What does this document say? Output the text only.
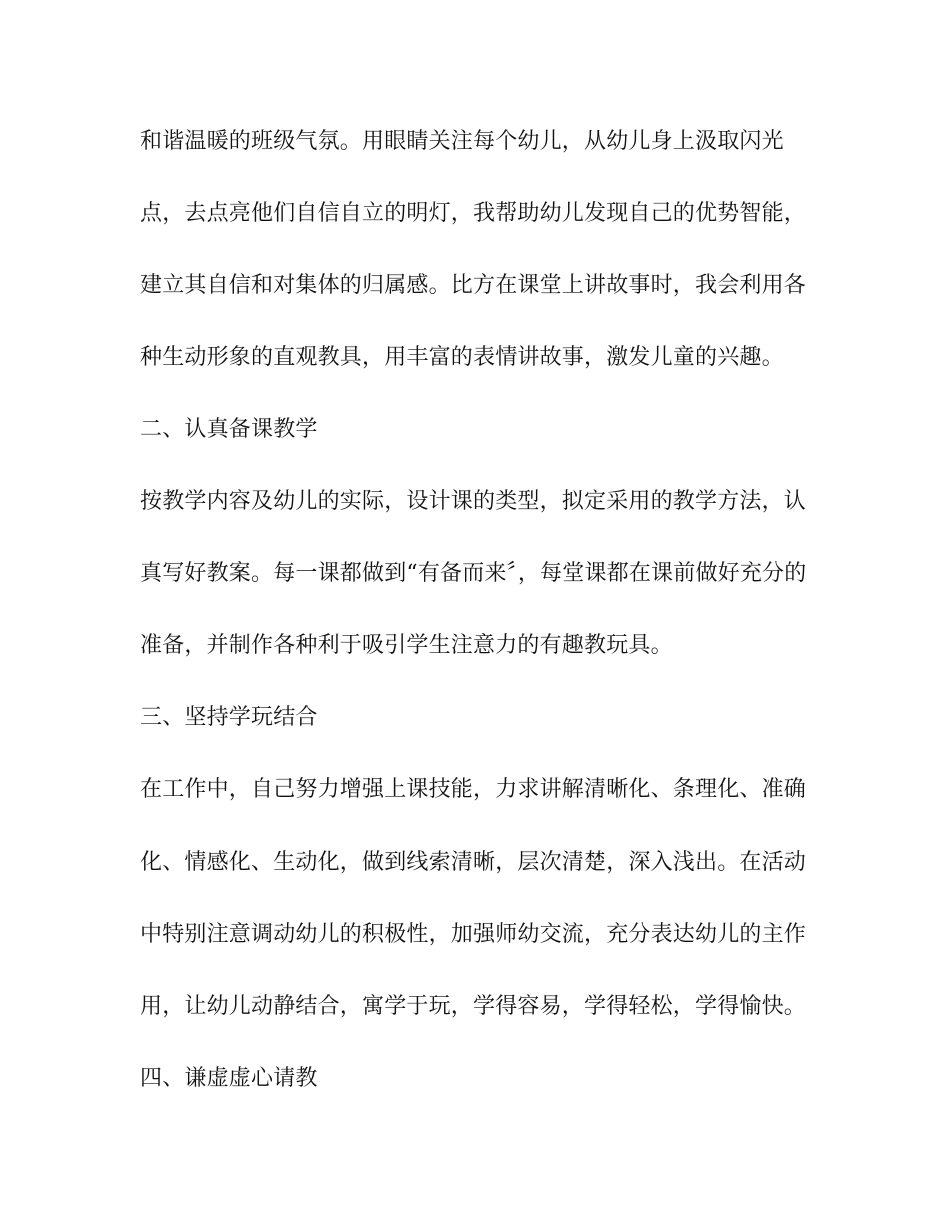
和谐温暖的班级气氛。用眼睛关注每个幼儿，从幼儿身上汲取闪光
点，去点亮他们自信自立的明灯，我帮助幼儿发现自己的优势智能，
建立其自信和对集体的归属感。比方在课堂上讲故事时，我会利用各
种生动形象的直观教具，用丰富的表情讲故事，激发儿童的兴趣。
二、认真备课教学
按教学内容及幼儿的实际，设计课的类型，拟定采用的教学方法，认
真写好教案。每一课都做到“有备而来〞，每堂课都在课前做好充分的
准备，并制作各种利于吸引学生注意力的有趣教玩具。
三、坚持学玩结合
在工作中，自己努力增强上课技能，力求讲解清晰化、条理化、准确
化、情感化、生动化，做到线索清晰，层次清楚，深入浅出。在活动
中特别注意调动幼儿的积极性，加强师幼交流，充分表达幼儿的主作
用，让幼儿动静结合，寓学于玩，学得容易，学得轻松，学得愉快。
四、谦虚虚心请教
